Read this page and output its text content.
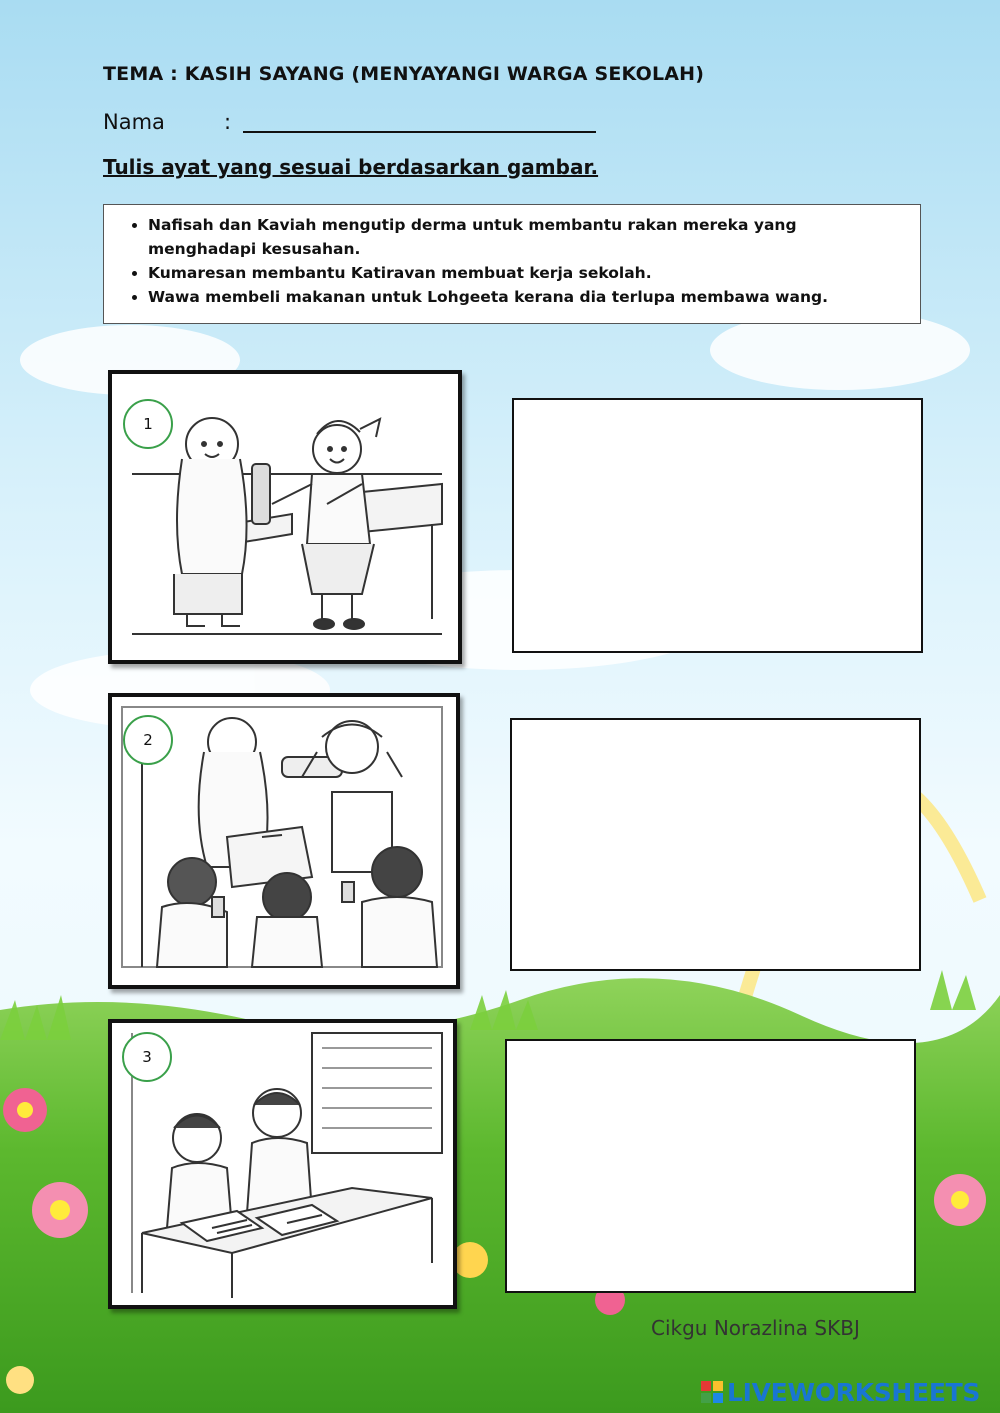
TEMA : KASIH SAYANG (MENYAYANGI WARGA SEKOLAH)
Nama	:
Tulis ayat yang sesuai berdasarkan gambar.
• Nafisah dan Kaviah mengutip derma untuk membantu rakan mereka yang menghadapi kesusahan.
• Kumaresan membantu Katiravan membuat kerja sekolah.
• Wawa membeli makanan untuk Lohgeeta kerana dia terlupa membawa wang.
1
2
3
Cikgu Norazlina SKBJ
LIVEWORKSHEETS
